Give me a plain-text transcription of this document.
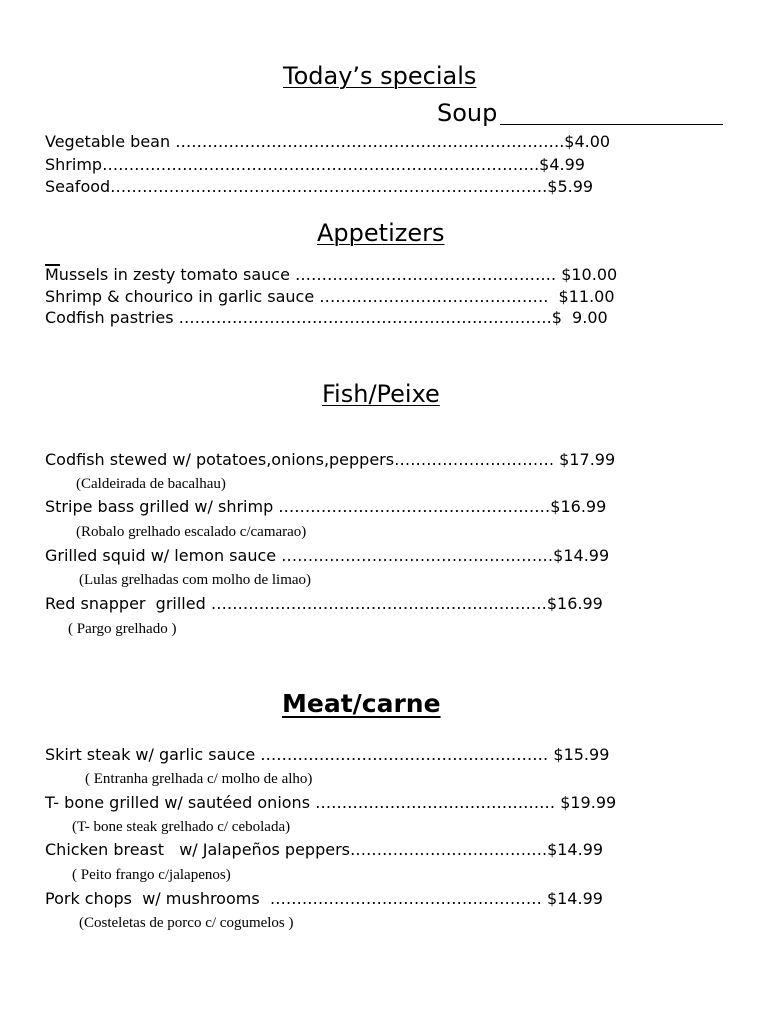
Today’s specials
Soup
Vegetable bean ……………………………………………………………….$4.00
Shrimp……………………………………………………………………….$4.99
Seafood……………………………………………………………………….$5.99
Appetizers
Mussels in zesty tomato sauce …………………………………………. $10.00
Shrimp & chourico in garlic sauce …………………………………….  $11.00
Codfish pastries …………………………………………………………….$  9.00
Fish/Peixe
Codfish stewed w/ potatoes,onions,peppers………………………… $17.99
(Caldeirada de bacalhau)
Stripe bass grilled w/ shrimp ……………………………………………$16.99
(Robalo grelhado escalado c/camarao)
Grilled squid w/ lemon sauce ……………………………………………$14.99
(Lulas grelhadas com molho de limao)
Red snapper  grilled ………………………………………………………$16.99
( Pargo grelhado )
Meat/carne
Skirt steak w/ garlic sauce ……………………………………………… $15.99
( Entranha grelhada c/ molho de alho)
T- bone grilled w/ sautéed onions ……………………………………… $19.99
(T- bone steak grelhado c/ cebolada)
Chicken breast   w/ Jalapeños peppers……………………………….$14.99
( Peito frango c/jalapenos)
Pork chops  w/ mushrooms  …………………………………………… $14.99
(Costeletas de porco c/ cogumelos )
